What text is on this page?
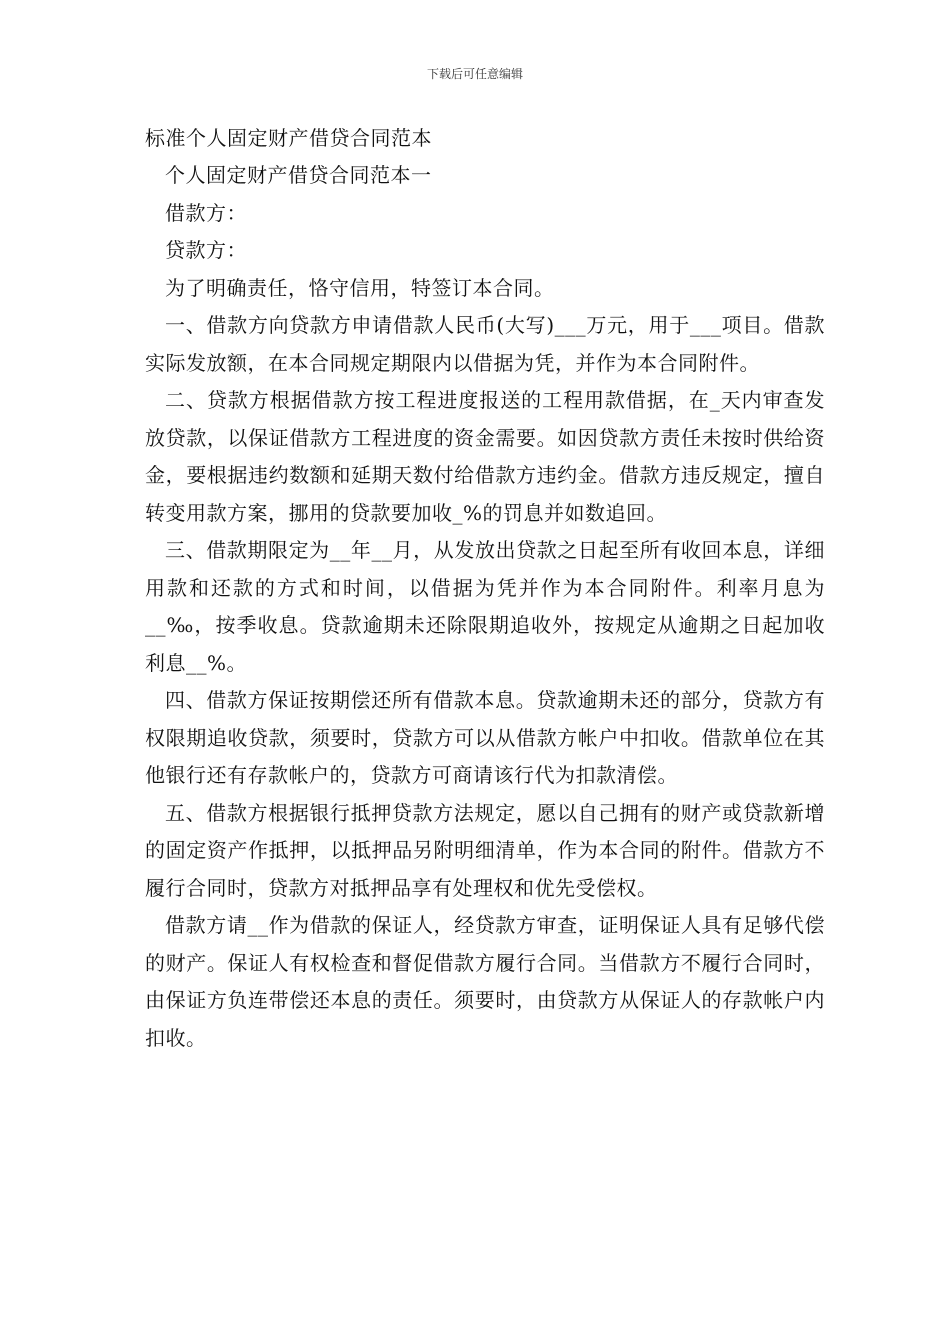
下载后可任意编辑

标准个人固定财产借贷合同范本

个人固定财产借贷合同范本一

借款方：

贷款方：

为了明确责任，恪守信用，特签订本合同。

一、借款方向贷款方申请借款人民币(大写)___万元，用于___项目。借款实际发放额，在本合同规定期限内以借据为凭，并作为本合同附件。

二、贷款方根据借款方按工程进度报送的工程用款借据，在_天内审查发放贷款，以保证借款方工程进度的资金需要。如因贷款方责任未按时供给资金，要根据违约数额和延期天数付给借款方违约金。借款方违反规定，擅自转变用款方案，挪用的贷款要加收_%的罚息并如数追回。

三、借款期限定为__年__月，从发放出贷款之日起至所有收回本息，详细用款和还款的方式和时间，以借据为凭并作为本合同附件。利率月息为__‰，按季收息。贷款逾期未还除限期追收外，按规定从逾期之日起加收利息__%。

四、借款方保证按期偿还所有借款本息。贷款逾期未还的部分，贷款方有权限期追收贷款，须要时，贷款方可以从借款方帐户中扣收。借款单位在其他银行还有存款帐户的，贷款方可商请该行代为扣款清偿。

五、借款方根据银行抵押贷款方法规定，愿以自己拥有的财产或贷款新增的固定资产作抵押，以抵押品另附明细清单，作为本合同的附件。借款方不履行合同时，贷款方对抵押品享有处理权和优先受偿权。

借款方请__作为借款的保证人，经贷款方审查，证明保证人具有足够代偿的财产。保证人有权检查和督促借款方履行合同。当借款方不履行合同时，由保证方负连带偿还本息的责任。须要时，由贷款方从保证人的存款帐户内扣收。
